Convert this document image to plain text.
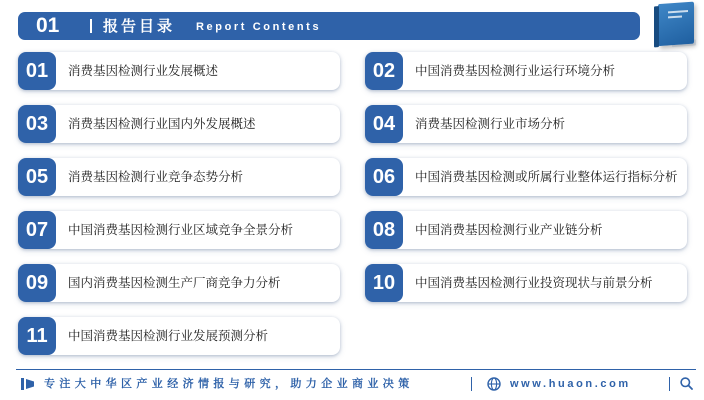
01	报告目录 Report Contents
01	消费基因检测行业发展概述	02	中国消费基因检测行业运行环境分析
03	消费基因检测行业国内外发展概述	04	消费基因检测行业市场分析
05	消费基因检测行业竞争态势分析	06	中国消费基因检测或所属行业整体运行指标分析
07	中国消费基因检测行业区域竞争全景分析	08	中国消费基因检测行业产业链分析
09	国内消费基因检测生产厂商竞争力分析	10	中国消费基因检测行业投资现状与前景分析
11	中国消费基因检测行业发展预测分析
专注大中华区产业经济情报与研究，助力企业商业决策	www.huaon.com
